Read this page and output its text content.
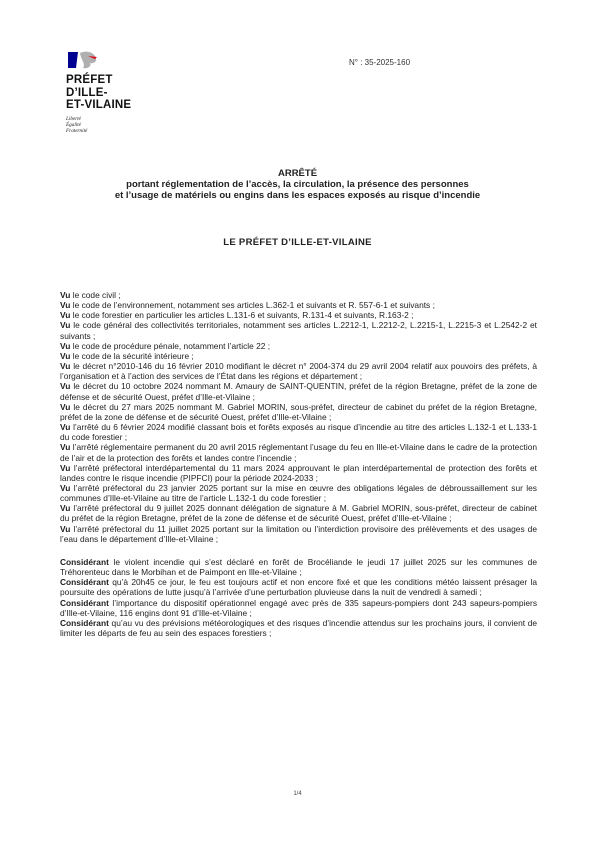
PRÉFET
D’ILLE-
ET-VILAINE
Liberté
Égalité
Fraternité
N° : 35-2025-160
ARRÊTÉ
portant réglementation de l’accès, la circulation, la présence des personnes
et l’usage de matériels ou engins dans les espaces exposés au risque d’incendie
LE PRÉFET D’ILLE-ET-VILAINE

Vu le code civil ;

Vu le code de l’environnement, notamment ses articles L.362-1 et suivants et R. 557-6-1 et suivants ;

Vu le code forestier en particulier les articles L.131-6 et suivants, R.131-4 et suivants, R.163-2 ;

Vu le code général des collectivités territoriales, notamment ses articles L.2212-1, L.2212-2, L.2215-1, L.2215-3 et L.2542-2 et suivants ;

Vu le code de procédure pénale, notamment l’article 22 ;

Vu le code de la sécurité intérieure ;

Vu le décret n°2010-146 du 16 février 2010 modifiant le décret n° 2004-374 du 29 avril 2004 relatif aux pouvoirs des préfets, à l’organisation et à l’action des services de l’État dans les régions et département ;

Vu le décret du 10 octobre 2024 nommant M. Amaury de SAINT-QUENTIN, préfet de la région Bretagne, préfet de la zone de défense et de sécurité Ouest, préfet d’Ille-et-Vilaine ;

Vu le décret du 27 mars 2025 nommant M. Gabriel MORIN, sous-préfet, directeur de cabinet du préfet de la région Bretagne, préfet de la zone de défense et de sécurité Ouest, préfet d’Ille-et-Vilaine ;

Vu l’arrêté du 6 février 2024 modifié classant bois et forêts exposés au risque d’incendie au titre des articles L.132-1 et L.133-1 du code forestier ;

Vu l’arrêté réglementaire permanent du 20 avril 2015 réglementant l’usage du feu en Ille-et-Vilaine dans le cadre de la protection de l’air et de la protection des forêts et landes contre l’incendie ;

Vu l’arrêté préfectoral interdépartemental du 11 mars 2024 approuvant le plan interdépartemental de protection des forêts et landes contre le risque incendie (PIPFCI) pour la période 2024-2033 ;

Vu l’arrêté préfectoral du 23 janvier 2025 portant sur la mise en œuvre des obligations légales de débroussaillement sur les communes d’Ille-et-Vilaine au titre de l’article L.132-1 du code forestier ;

Vu l’arrêté préfectoral du 9 juillet 2025 donnant délégation de signature à M. Gabriel MORIN, sous-préfet, directeur de cabinet du préfet de la région Bretagne, préfet de la zone de défense et de sécurité Ouest, préfet d’Ille-et-Vilaine ;

Vu l’arrêté préfectoral du 11 juillet 2025 portant sur la limitation ou l’interdiction provisoire des prélèvements et des usages de l’eau dans le département d’Ille-et-Vilaine ;

Considérant le violent incendie qui s’est déclaré en forêt de Brocéliande le jeudi 17 juillet 2025 sur les communes de Tréhorenteuc dans le Morbihan et de Paimpont en Ille-et-Vilaine ;

Considérant qu’à 20h45 ce jour, le feu est toujours actif et non encore fixé et que les conditions météo laissent présager la poursuite des opérations de lutte jusqu’à l’arrivée d’une perturbation pluvieuse dans la nuit de vendredi à samedi ;

Considérant l’importance du dispositif opérationnel engagé avec près de 335 sapeurs-pompiers dont 243 sapeurs-pompiers d’Ille-et-Vilaine, 116 engins dont 91 d’Ille-et-Vilaine ;

Considérant qu’au vu des prévisions météorologiques et des risques d’incendie attendus sur les prochains jours, il convient de limiter les départs de feu au sein des espaces forestiers ;

1/4
